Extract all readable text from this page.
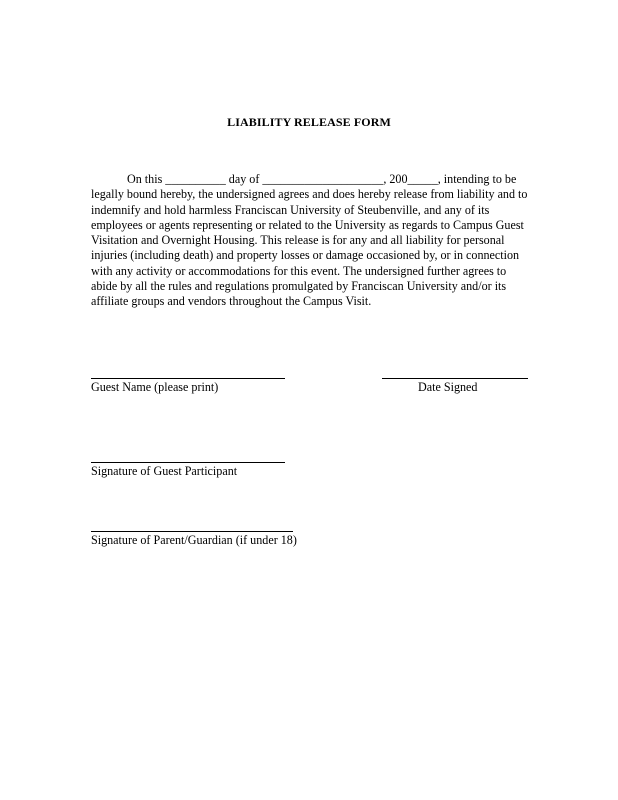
LIABILITY RELEASE FORM

On this __________ day of ____________________, 200_____, intending to be legally bound hereby, the undersigned agrees and does hereby release from liability and to indemnify and hold harmless Franciscan University of Steubenville, and any of its employees or agents representing or related to the University as regards to Campus Guest Visitation and Overnight Housing. This release is for any and all liability for personal injuries (including death) and property losses or damage occasioned by, or in connection with any activity or accommodations for this event. The undersigned further agrees to abide by all the rules and regulations promulgated by Franciscan University and/or its affiliate groups and vendors throughout the Campus Visit.

Guest Name (please print)	Date Signed
Signature of Guest Participant
Signature of Parent/Guardian (if under 18)
